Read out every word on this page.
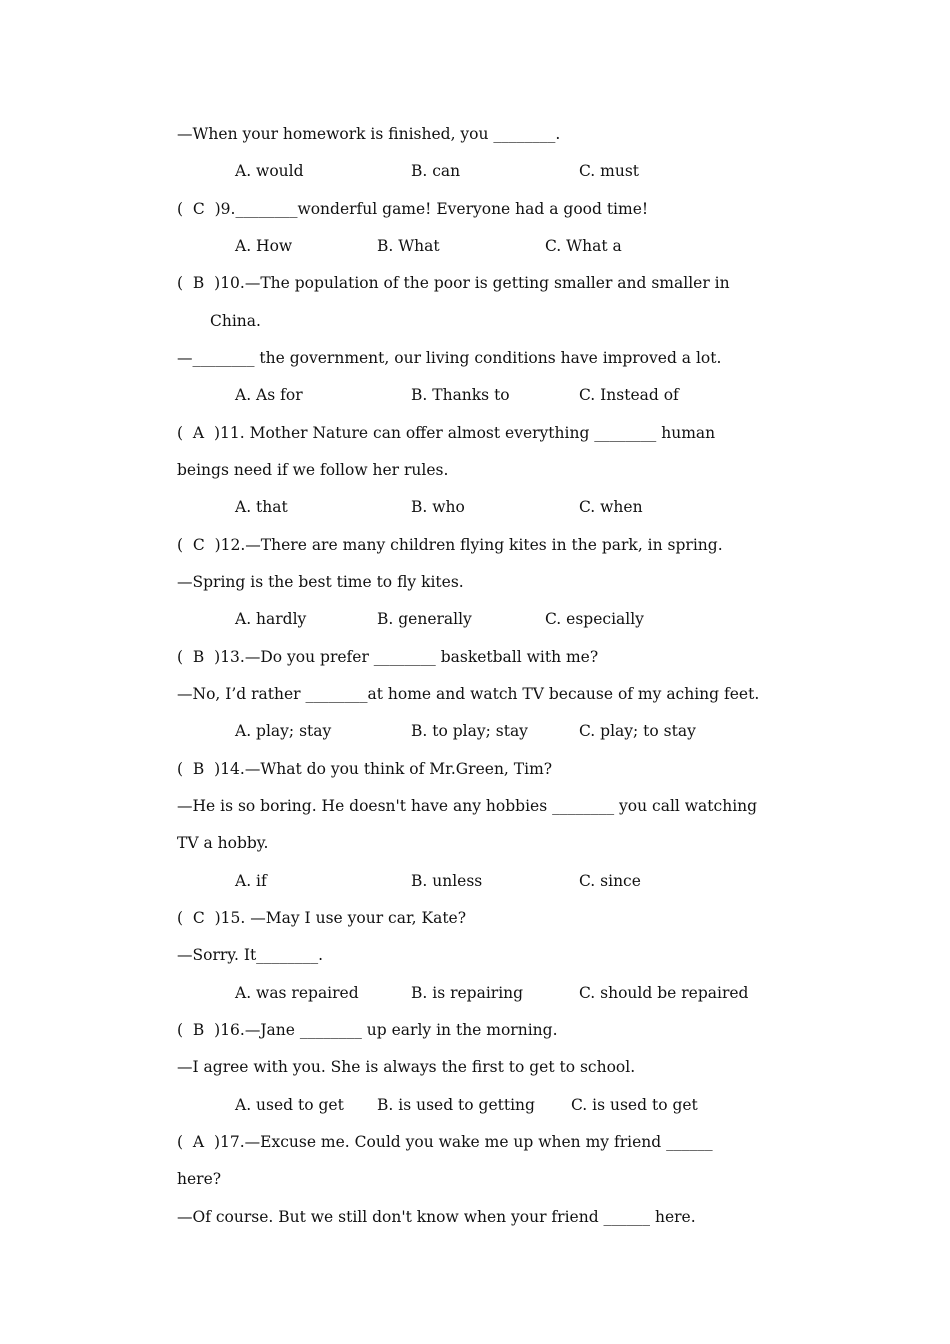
—When your homework is finished, you ________.
A. would	B. can	C. must
(  C  )9.________wonderful game! Everyone had a good time!
A. How	B. What	C. What a
(  B  )10.—The population of the poor is getting smaller and smaller in
China.
—________ the government, our living conditions have improved a lot.
A. As for	B. Thanks to	C. Instead of
(  A  )11. Mother Nature can offer almost everything ________ human
beings need if we follow her rules.
A. that	B. who	C. when
(  C  )12.—There are many children flying kites in the park, in spring.
—Spring is the best time to fly kites.
A. hardly	B. generally	C. especially
(  B  )13.—Do you prefer ________ basketball with me?
—No, I’d rather ________at home and watch TV because of my aching feet.
A. play; stay	B. to play; stay	C. play; to stay
(  B  )14.—What do you think of Mr.Green, Tim?
—He is so boring. He doesn't have any hobbies ________ you call watching
TV a hobby.
A. if	B. unless	C. since
(  C  )15. —May I use your car, Kate?
—Sorry. It________.
A. was repaired	B. is repairing	C. should be repaired
(  B  )16.—Jane ________ up early in the morning.
—I agree with you. She is always the first to get to school.
A. used to get B. is used to getting C. is used to get
(  A  )17.—Excuse me. Could you wake me up when my friend ______
here?
—Of course. But we still don't know when your friend ______ here.
